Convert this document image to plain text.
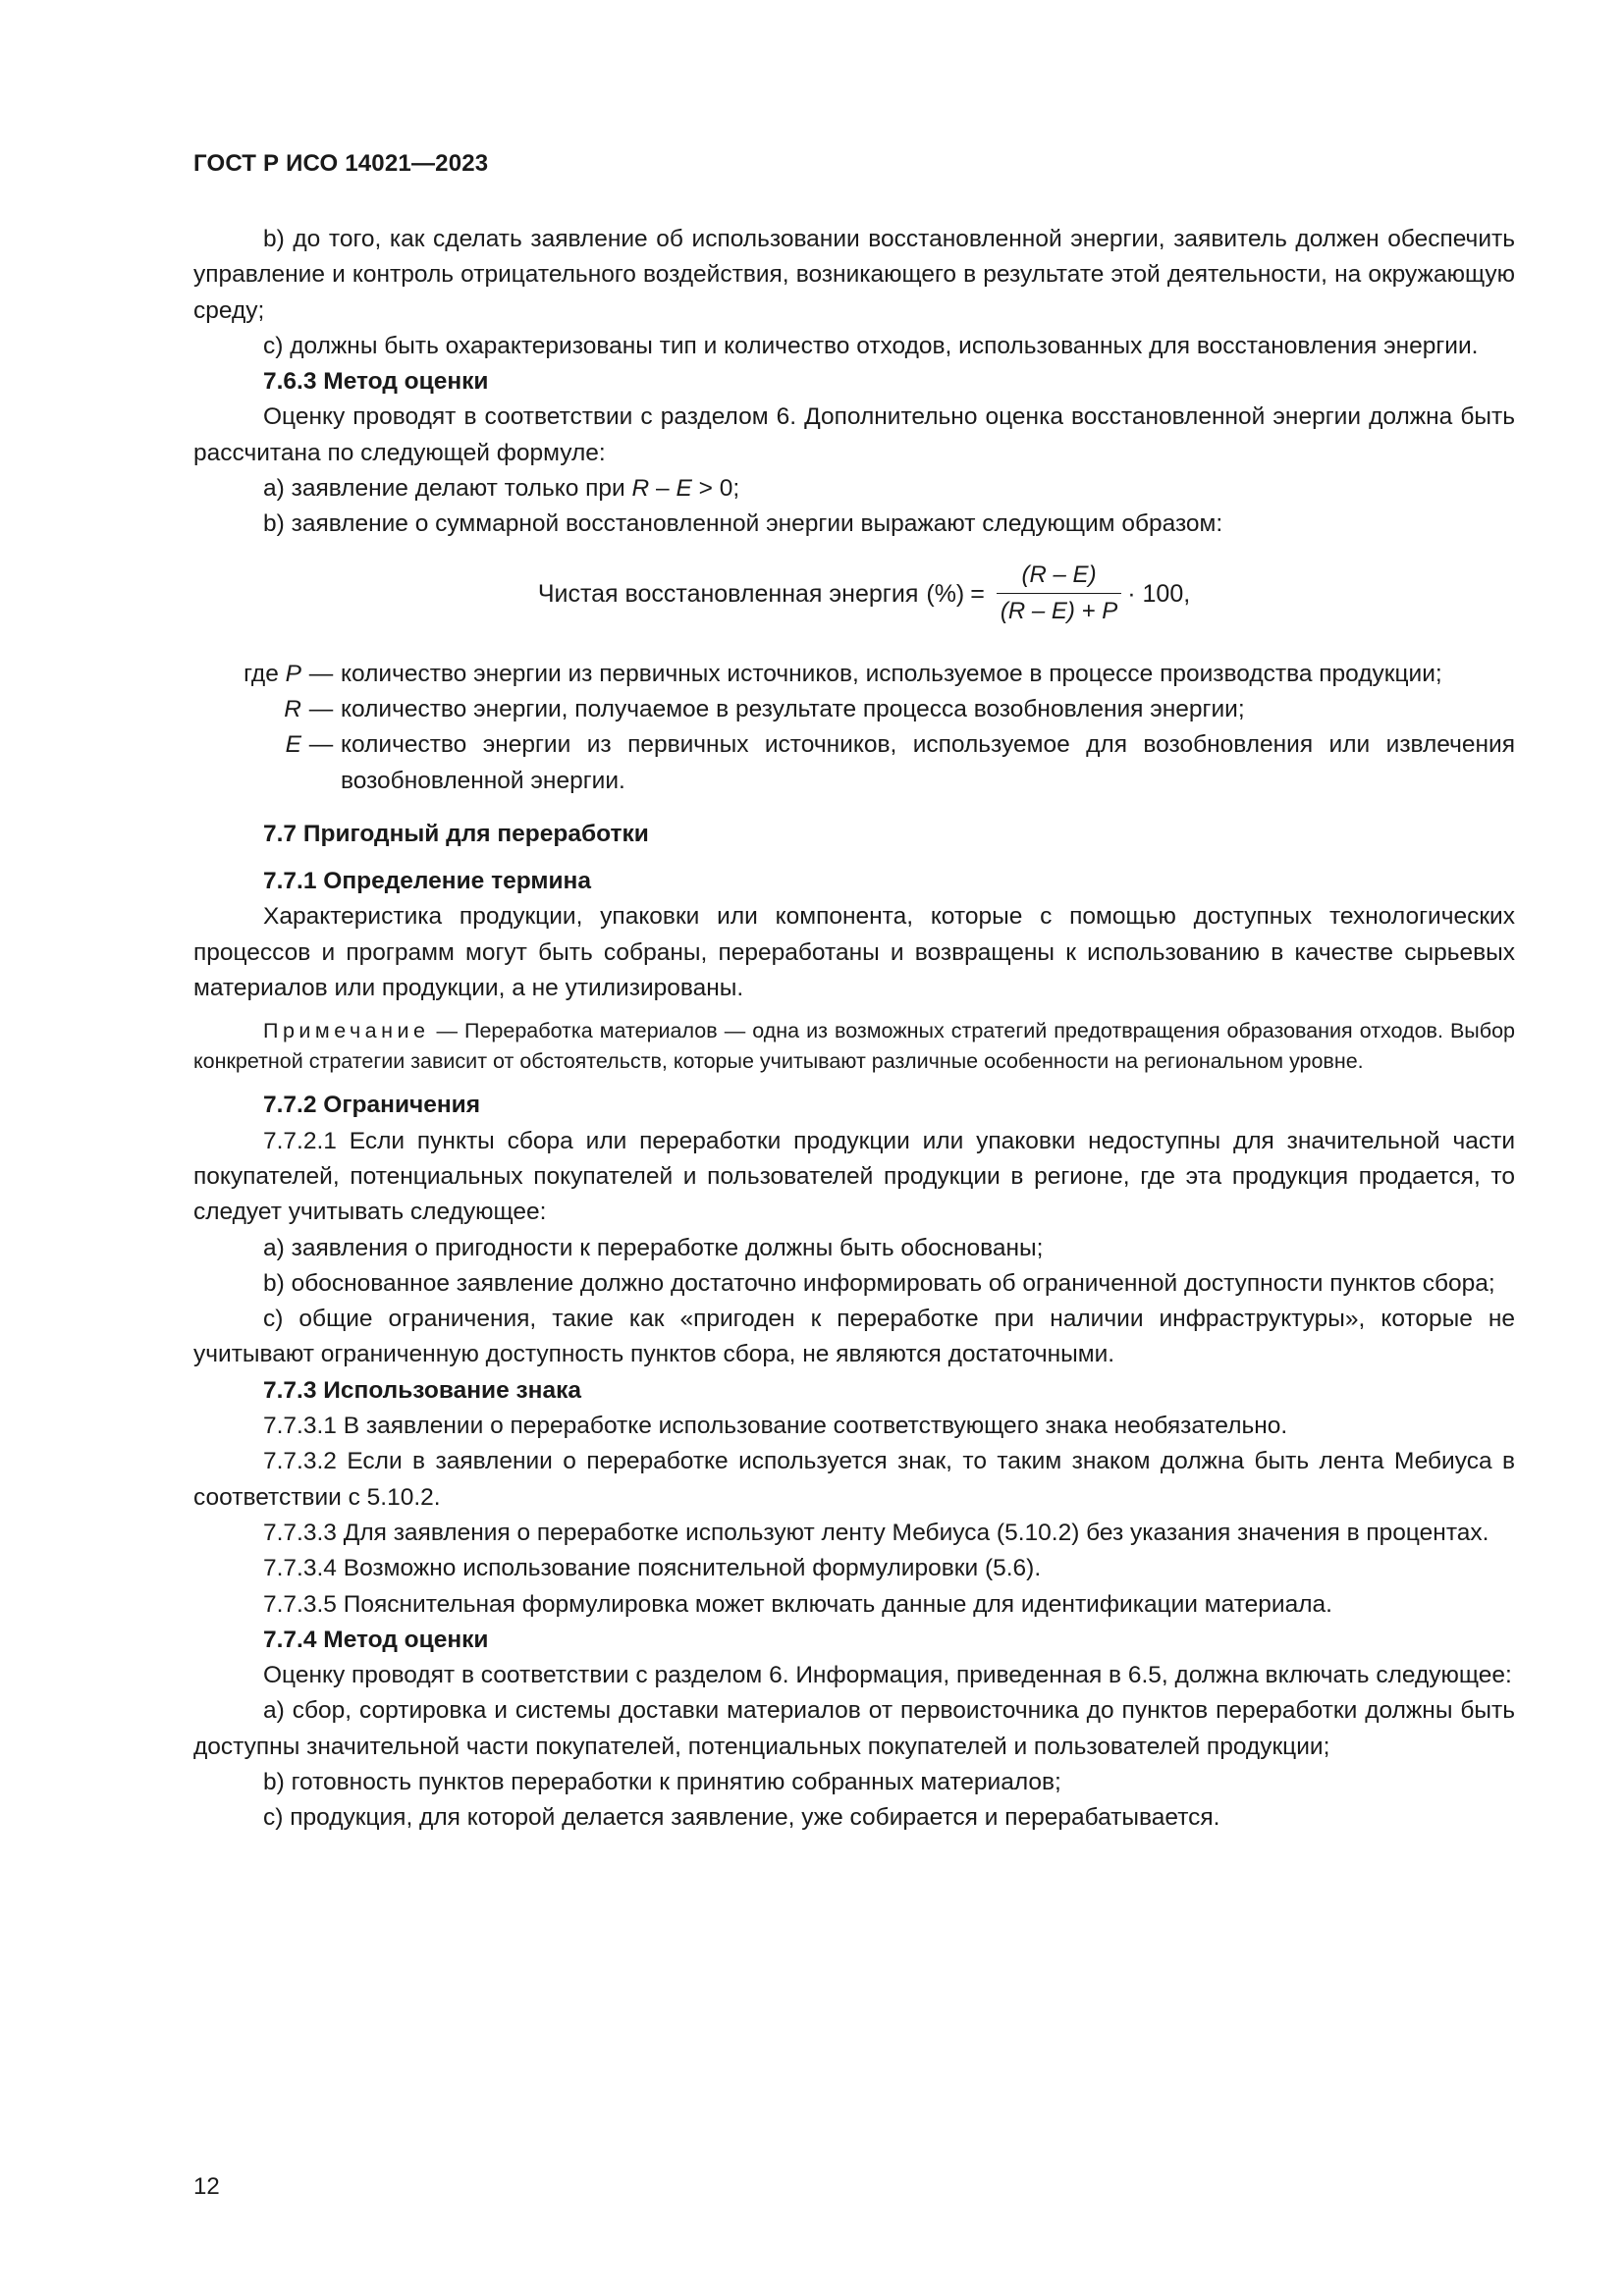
ГОСТ Р ИСО 14021—2023

b) до того, как сделать заявление об использовании восстановленной энергии, заявитель должен обеспечить управление и контроль отрицательного воздействия, возникающего в результате этой деятельности, на окружающую среду;

c) должны быть охарактеризованы тип и количество отходов, использованных для восстановления энергии.

7.6.3 Метод оценки

Оценку проводят в соответствии с разделом 6. Дополнительно оценка восстановленной энергии должна быть рассчитана по следующей формуле:

a) заявление делают только при R – E > 0;

b) заявление о суммарной восстановленной энергии выражают следующим образом:

Чистая восстановленная энергия (%) = $\frac{(R - E)}{(R - E) + P} \cdot 100$,
где P — количество энергии из первичных источников, используемое в процессе производства продукции;
R — количество энергии, получаемое в результате процесса возобновления энергии;
E — количество энергии из первичных источников, используемое для возобновления или извлечения возобновленной энергии.

7.7 Пригодный для переработки

7.7.1 Определение термина

Характеристика продукции, упаковки или компонента, которые с помощью доступных технологических процессов и программ могут быть собраны, переработаны и возвращены к использованию в качестве сырьевых материалов или продукции, а не утилизированы.

Примечание — Переработка материалов — одна из возможных стратегий предотвращения образования отходов. Выбор конкретной стратегии зависит от обстоятельств, которые учитывают различные особенности на региональном уровне.

7.7.2 Ограничения

7.7.2.1 Если пункты сбора или переработки продукции или упаковки недоступны для значительной части покупателей, потенциальных покупателей и пользователей продукции в регионе, где эта продукция продается, то следует учитывать следующее:

a) заявления о пригодности к переработке должны быть обоснованы;

b) обоснованное заявление должно достаточно информировать об ограниченной доступности пунктов сбора;

c) общие ограничения, такие как «пригоден к переработке при наличии инфраструктуры», которые не учитывают ограниченную доступность пунктов сбора, не являются достаточными.

7.7.3 Использование знака

7.7.3.1 В заявлении о переработке использование соответствующего знака необязательно.

7.7.3.2 Если в заявлении о переработке используется знак, то таким знаком должна быть лента Мебиуса в соответствии с 5.10.2.

7.7.3.3 Для заявления о переработке используют ленту Мебиуса (5.10.2) без указания значения в процентах.

7.7.3.4 Возможно использование пояснительной формулировки (5.6).

7.7.3.5 Пояснительная формулировка может включать данные для идентификации материала.

7.7.4 Метод оценки

Оценку проводят в соответствии с разделом 6. Информация, приведенная в 6.5, должна включать следующее:

a) сбор, сортировка и системы доставки материалов от первоисточника до пунктов переработки должны быть доступны значительной части покупателей, потенциальных покупателей и пользователей продукции;

b) готовность пунктов переработки к принятию собранных материалов;

c) продукция, для которой делается заявление, уже собирается и перерабатывается.

12
